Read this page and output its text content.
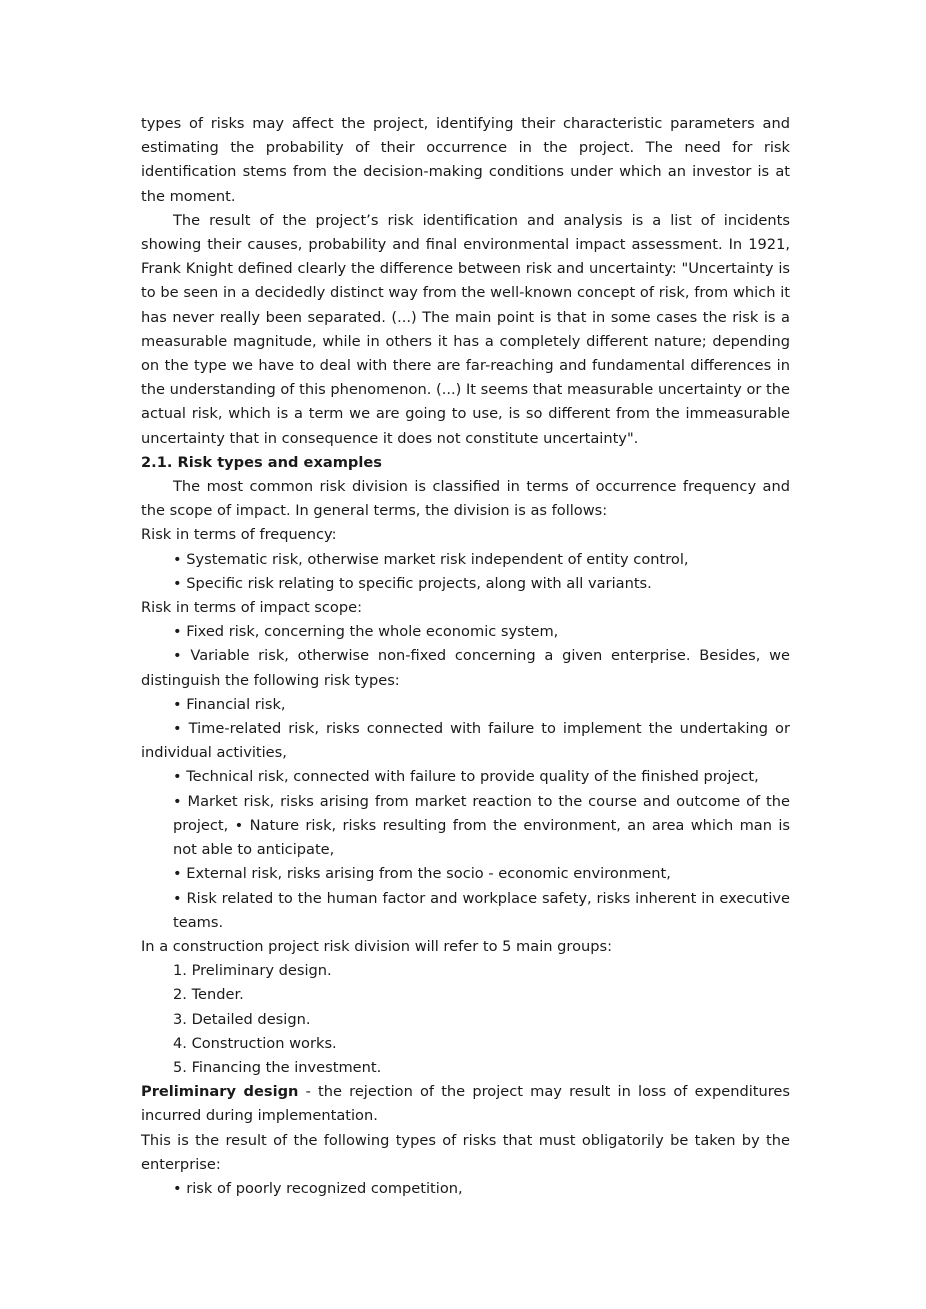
types of risks may affect the project, identifying their characteristic parameters and estimating the probability of their occurrence in the project. The need for risk identification stems from the decision-making conditions under which an investor is at the moment.

The result of the project’s risk identification and analysis is a list of incidents showing their causes, probability and final environmental impact assessment. In 1921, Frank Knight defined clearly the difference between risk and uncertainty: "Uncertainty is to be seen in a decidedly distinct way from the well-known concept of risk, from which it has never really been separated. (...) The main point is that in some cases the risk is a measurable magnitude, while in others it has a completely different nature; depending on the type we have to deal with there are far-reaching and fundamental differences in the understanding of this phenomenon. (...) It seems that measurable uncertainty or the actual risk, which is a term we are going to use, is so different from the immeasurable uncertainty that in consequence it does not constitute uncertainty".

2.1. Risk types and examples

The most common risk division is classified in terms of occurrence frequency and the scope of impact. In general terms, the division is as follows:

Risk in terms of frequency:

• Systematic risk, otherwise market risk independent of entity control,

• Specific risk relating to specific projects, along with all variants.

Risk in terms of impact scope:

• Fixed risk, concerning the whole economic system,

• Variable risk, otherwise non-fixed concerning a given enterprise. Besides, we distinguish the following risk types:

• Financial risk,

• Time-related risk, risks connected with failure to implement the undertaking or individual activities,

• Technical risk, connected with failure to provide quality of the finished project,

• Market risk, risks arising from market reaction to the course and outcome of the project, • Nature risk, risks resulting from the environment, an area which man is not able to anticipate,

• External risk, risks arising from the socio - economic environment,

• Risk related to the human factor and workplace safety, risks inherent in executive teams.

In a construction project risk division will refer to 5 main groups:

1. Preliminary design.

2. Tender.

3. Detailed design.

4. Construction works.

5. Financing the investment.

Preliminary design - the rejection of the project may result in loss of expenditures incurred during implementation.

This is the result of the following types of risks that must obligatorily be taken by the enterprise:

• risk of poorly recognized competition,
